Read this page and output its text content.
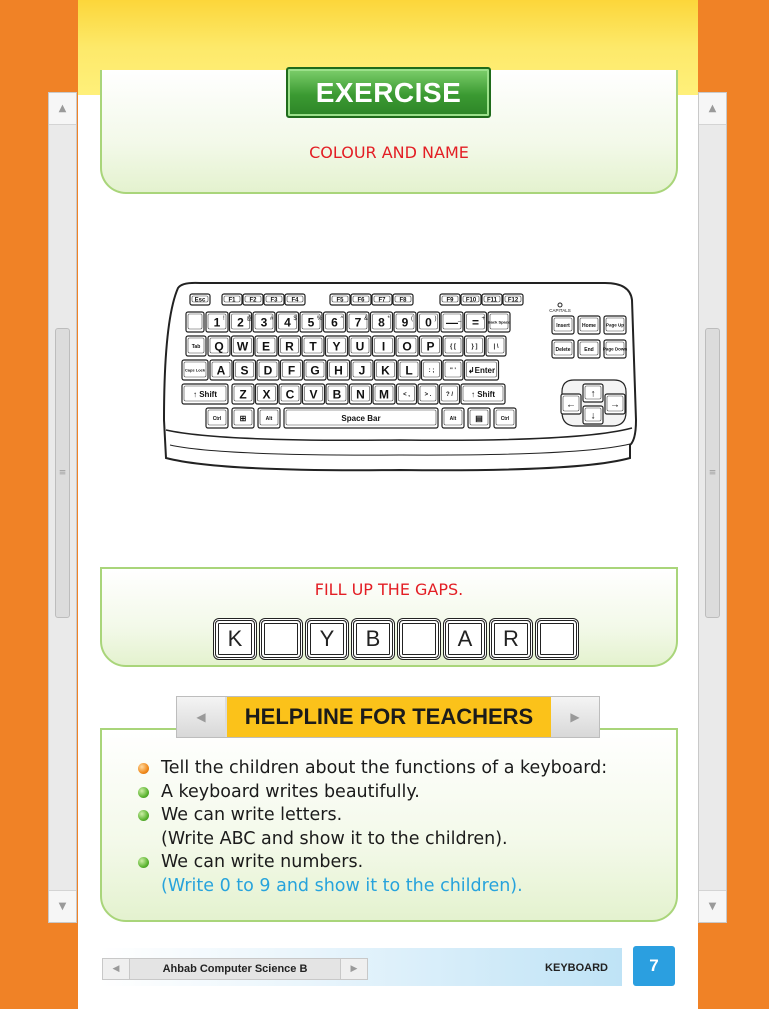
▲
≡
▼
▲
≡
▼
EXERCISE
COLOUR AND NAME
Esc	F1 F2 F3 F4	F5 F6 F7 F8	F9 F10 F11 F12
1 ! 2 @ 3 # 4 $ 5 % 6 ^ 7 & 8 * 9 ( 0 ) — _ = + Back Space
Tab Q W E R T Y U I O P	{ [	} ]	| \
Caps Lock A S D F G H J K L	: ;	" ' ↲Enter
↑ Shift Z X C V B N M < , > . ? / ↑ Shift
Ctrl ⊞	Alt	Space Bar	Alt ▤	Ctrl
CAPITALS
Insert Home Page Up
Delete	End Page Down
↑
←	→
↓
FILL UP THE GAPS.
K	Y	B	A	R
◀	HELPLINE FOR TEACHERS	▶
Tell the children about the functions of a keyboard:
A keyboard writes beautifully.
We can write letters.
(Write ABC and show it to the children).
We can write numbers.
(Write 0 to 9 and show it to the children).
◀	Ahbab Computer Science B	▶	KEYBOARD	7
